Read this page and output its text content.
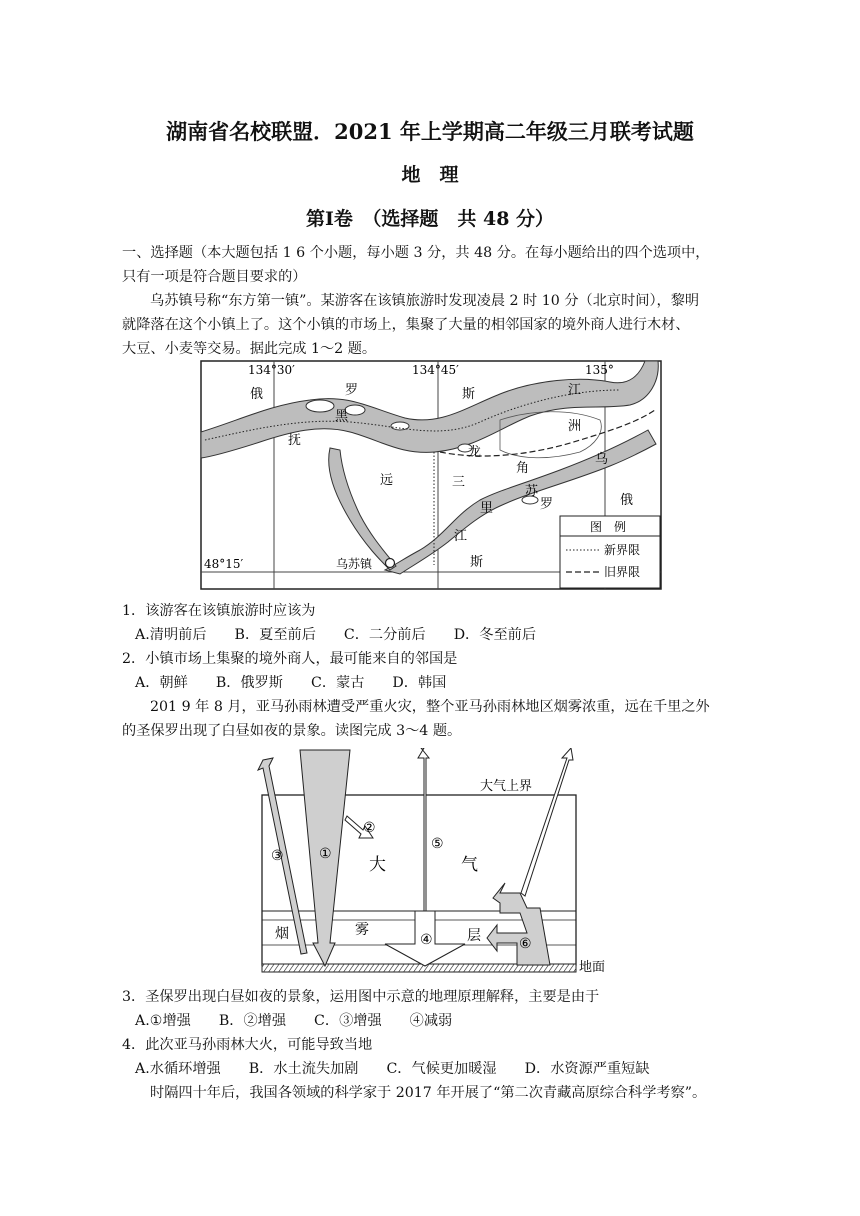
湖南省名校联盟．2021 年上学期高二年级三月联考试题

地　理

第Ⅰ卷　（选择题　共 48 分）

一、选择题（本大题包括 1 6 个小题，每小题 3 分，共 48 分。在每小题给出的四个选项中，

只有一项是符合题目要求的）

乌苏镇号称“东方第一镇”。某游客在该镇旅游时发现凌晨 2 时 10 分（北京时间），黎明

就降落在这个小镇上了。这个小镇的市场上，集聚了大量的相邻国家的境外商人进行木材、

大豆、小麦等交易。据此完成 1～2 题。

134°30′	134°45′	135°
48°15′
俄	罗	斯
黑
龙
江
抚
远	三
角
洲
乌
苏
里
江
罗
斯
俄
乌苏镇
图　例
新界限
旧界限

1．该游客在该镇旅游时应该为

A.清明前后 B．夏至前后 C．二分前后 D．冬至前后

2．小镇市场上集聚的境外商人，最可能来自的邻国是

A．朝鲜 B．俄罗斯 C．蒙古 D．韩国

201 9 年 8 月，亚马孙雨林遭受严重火灾，整个亚马孙雨林地区烟雾浓重，远在千里之外

的圣保罗出现了白昼如夜的景象。读图完成 3～4 题。

大气上界
地面
大	气
烟	雾	层
①
②
③
④
⑤
⑥

3．圣保罗出现白昼如夜的景象，运用图中示意的地理原理解释，主要是由于

A.①增强 B．②增强 C．③增强 ④减弱

4．此次亚马孙雨林大火，可能导致当地

A.水循环增强 B．水土流失加剧 C．气候更加暖湿 D．水资源严重短缺

时隔四十年后，我国各领域的科学家于 2017 年开展了“第二次青藏高原综合科学考察”。
